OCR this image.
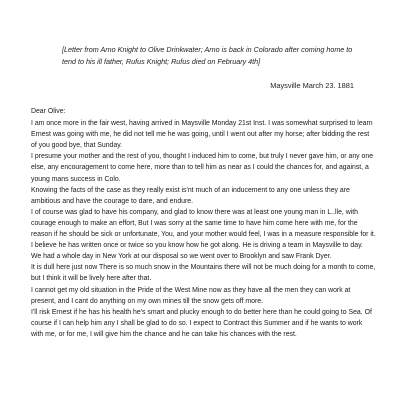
[Letter from Arno Knight to Olive Drinkwater; Arno is back in Colorado after coming home to tend to his ill father, Rufus Knight; Rufus died on February 4th]

Maysville March 23. 1881

Dear Olive:

I am once more in the fair west, having arrived in Maysville Monday 21st Inst. I was somewhat surprised to learn Ernest was going with me, he did not tell me he was going, until I went out after my horse; after bidding the rest of you good bye, that Sunday.

I presume your mother and the rest of you, thought I induced him to come, but truly I never gave him, or any one else, any encouragement to come here, more than to tell him as near as I could the chances for, and against, a young mans success in Colo.

Knowing the facts of the case as they really exist is'nt much of an inducement to any one unless they are ambitious and have the courage to dare, and endure.

I of course was glad to have his company, and glad to know there was at least one young man in L..lle, with courage enough to make an effort, But I was sorry at the same time to have him come here with me, for the reason if he should be sick or unfortunate, You, and your mother would feel, I was in a measure responsible for it. I believe he has written once or twice so you know how he got along. He is driving a team in Maysville to day.

We had a whole day in New York at our disposal so we went over to Brooklyn and saw Frank Dyer.

It is dull here just now There is so much snow in the Mountains there will not be much doing for a month to come, but I think it will be lively here after that.

I cannot get my old situation in the Pride of the West Mine now as they have all the men they can work at present, and I cant do anything on my own mines till the snow gets off more.

I'll risk Ernest if he has his health he's smart and plucky enough to do better here than he could going to Sea. Of course if I can help him any I shall be glad to do so. I expect to Contract this Summer and if he wants to work with me, or for me, I will give him the chance and he can take his chances with the rest.
